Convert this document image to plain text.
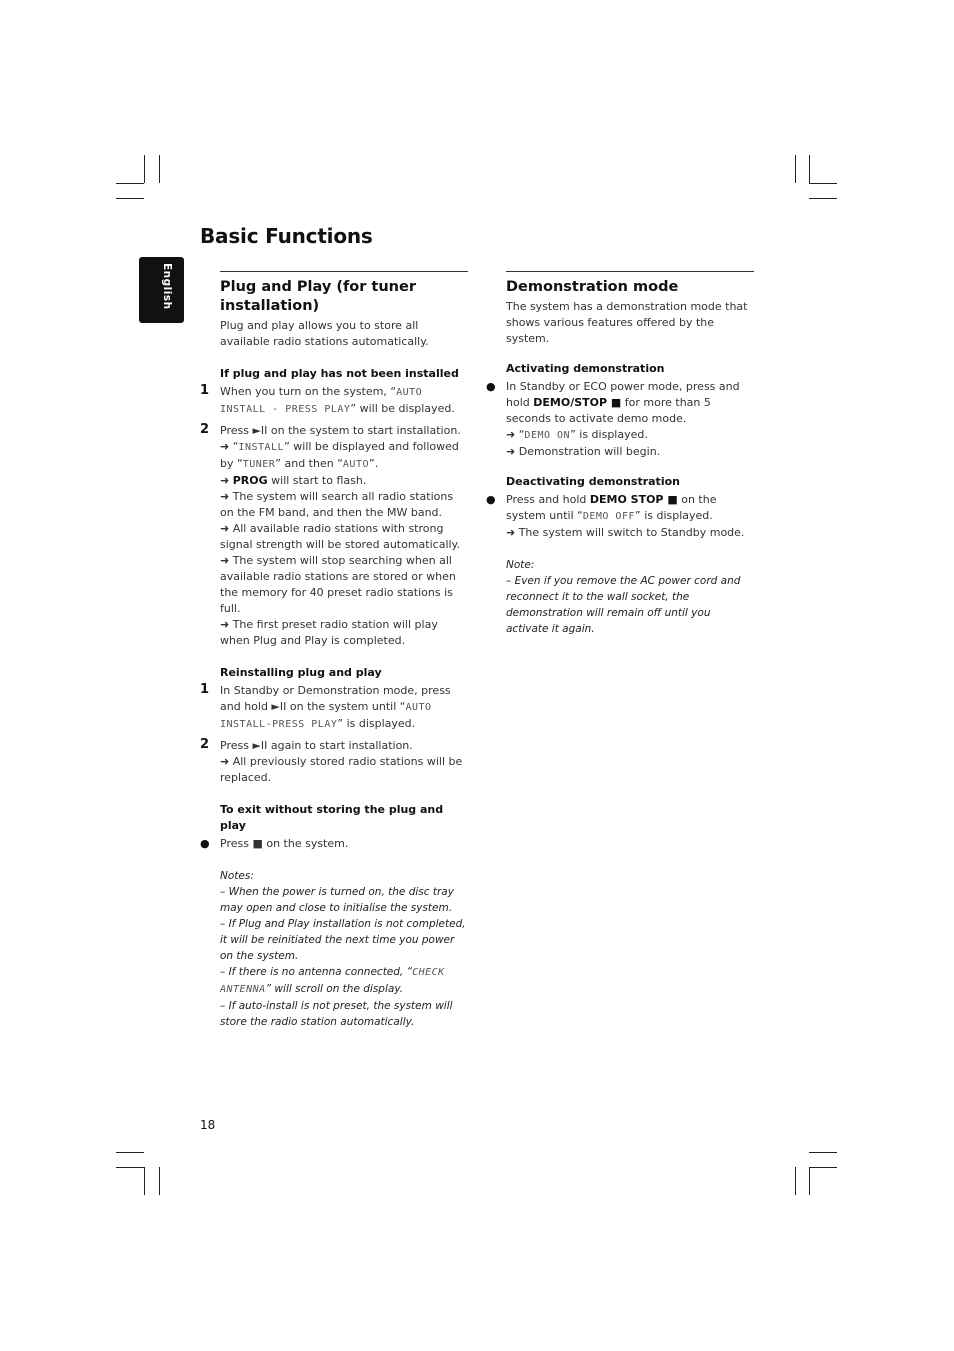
Basic Functions
English	Plug and Play (for tuner installation)

Plug and play allows you to store all available radio stations automatically.

If plug and play has not been installed
1 When you turn on the system, “AUTO INSTALL - PRESS PLAY” will be displayed.
2 Press ►II on the system to start installation.
➜ “INSTALL” will be displayed and followed by “TUNER” and then “AUTO”.
➜ PROG will start to flash.
➜ The system will search all radio stations on the FM band, and then the MW band.
➜ All available radio stations with strong signal strength will be stored automatically.
➜ The system will stop searching when all available radio stations are stored or when the memory for 40 preset radio stations is full.
➜ The first preset radio station will play when Plug and Play is completed.
Reinstalling plug and play
1 In Standby or Demonstration mode, press and hold ►II on the system until “AUTO INSTALL-PRESS PLAY” is displayed.
2 Press ►II again to start installation.
➜ All previously stored radio stations will be replaced.
To exit without storing the plug and play
● Press ■ on the system.
Notes:
– When the power is turned on, the disc tray may open and close to initialise the system.
– If Plug and Play installation is not completed, it will be reinitiated the next time you power on the system.
– If there is no antenna connected, “CHECK ANTENNA” will scroll on the display.
– If auto-install is not preset, the system will store the radio station automatically.
Demonstration mode

The system has a demonstration mode that shows various features offered by the system.

Activating demonstration
● In Standby or ECO power mode, press and hold DEMO/STOP ■ for more than 5 seconds to activate demo mode.
➜ “DEMO ON” is displayed.
➜ Demonstration will begin.
Deactivating demonstration
● Press and hold DEMO STOP ■ on the system until “DEMO OFF” is displayed.
➜ The system will switch to Standby mode.
Note:
– Even if you remove the AC power cord and reconnect it to the wall socket, the demonstration will remain off until you activate it again.
18
